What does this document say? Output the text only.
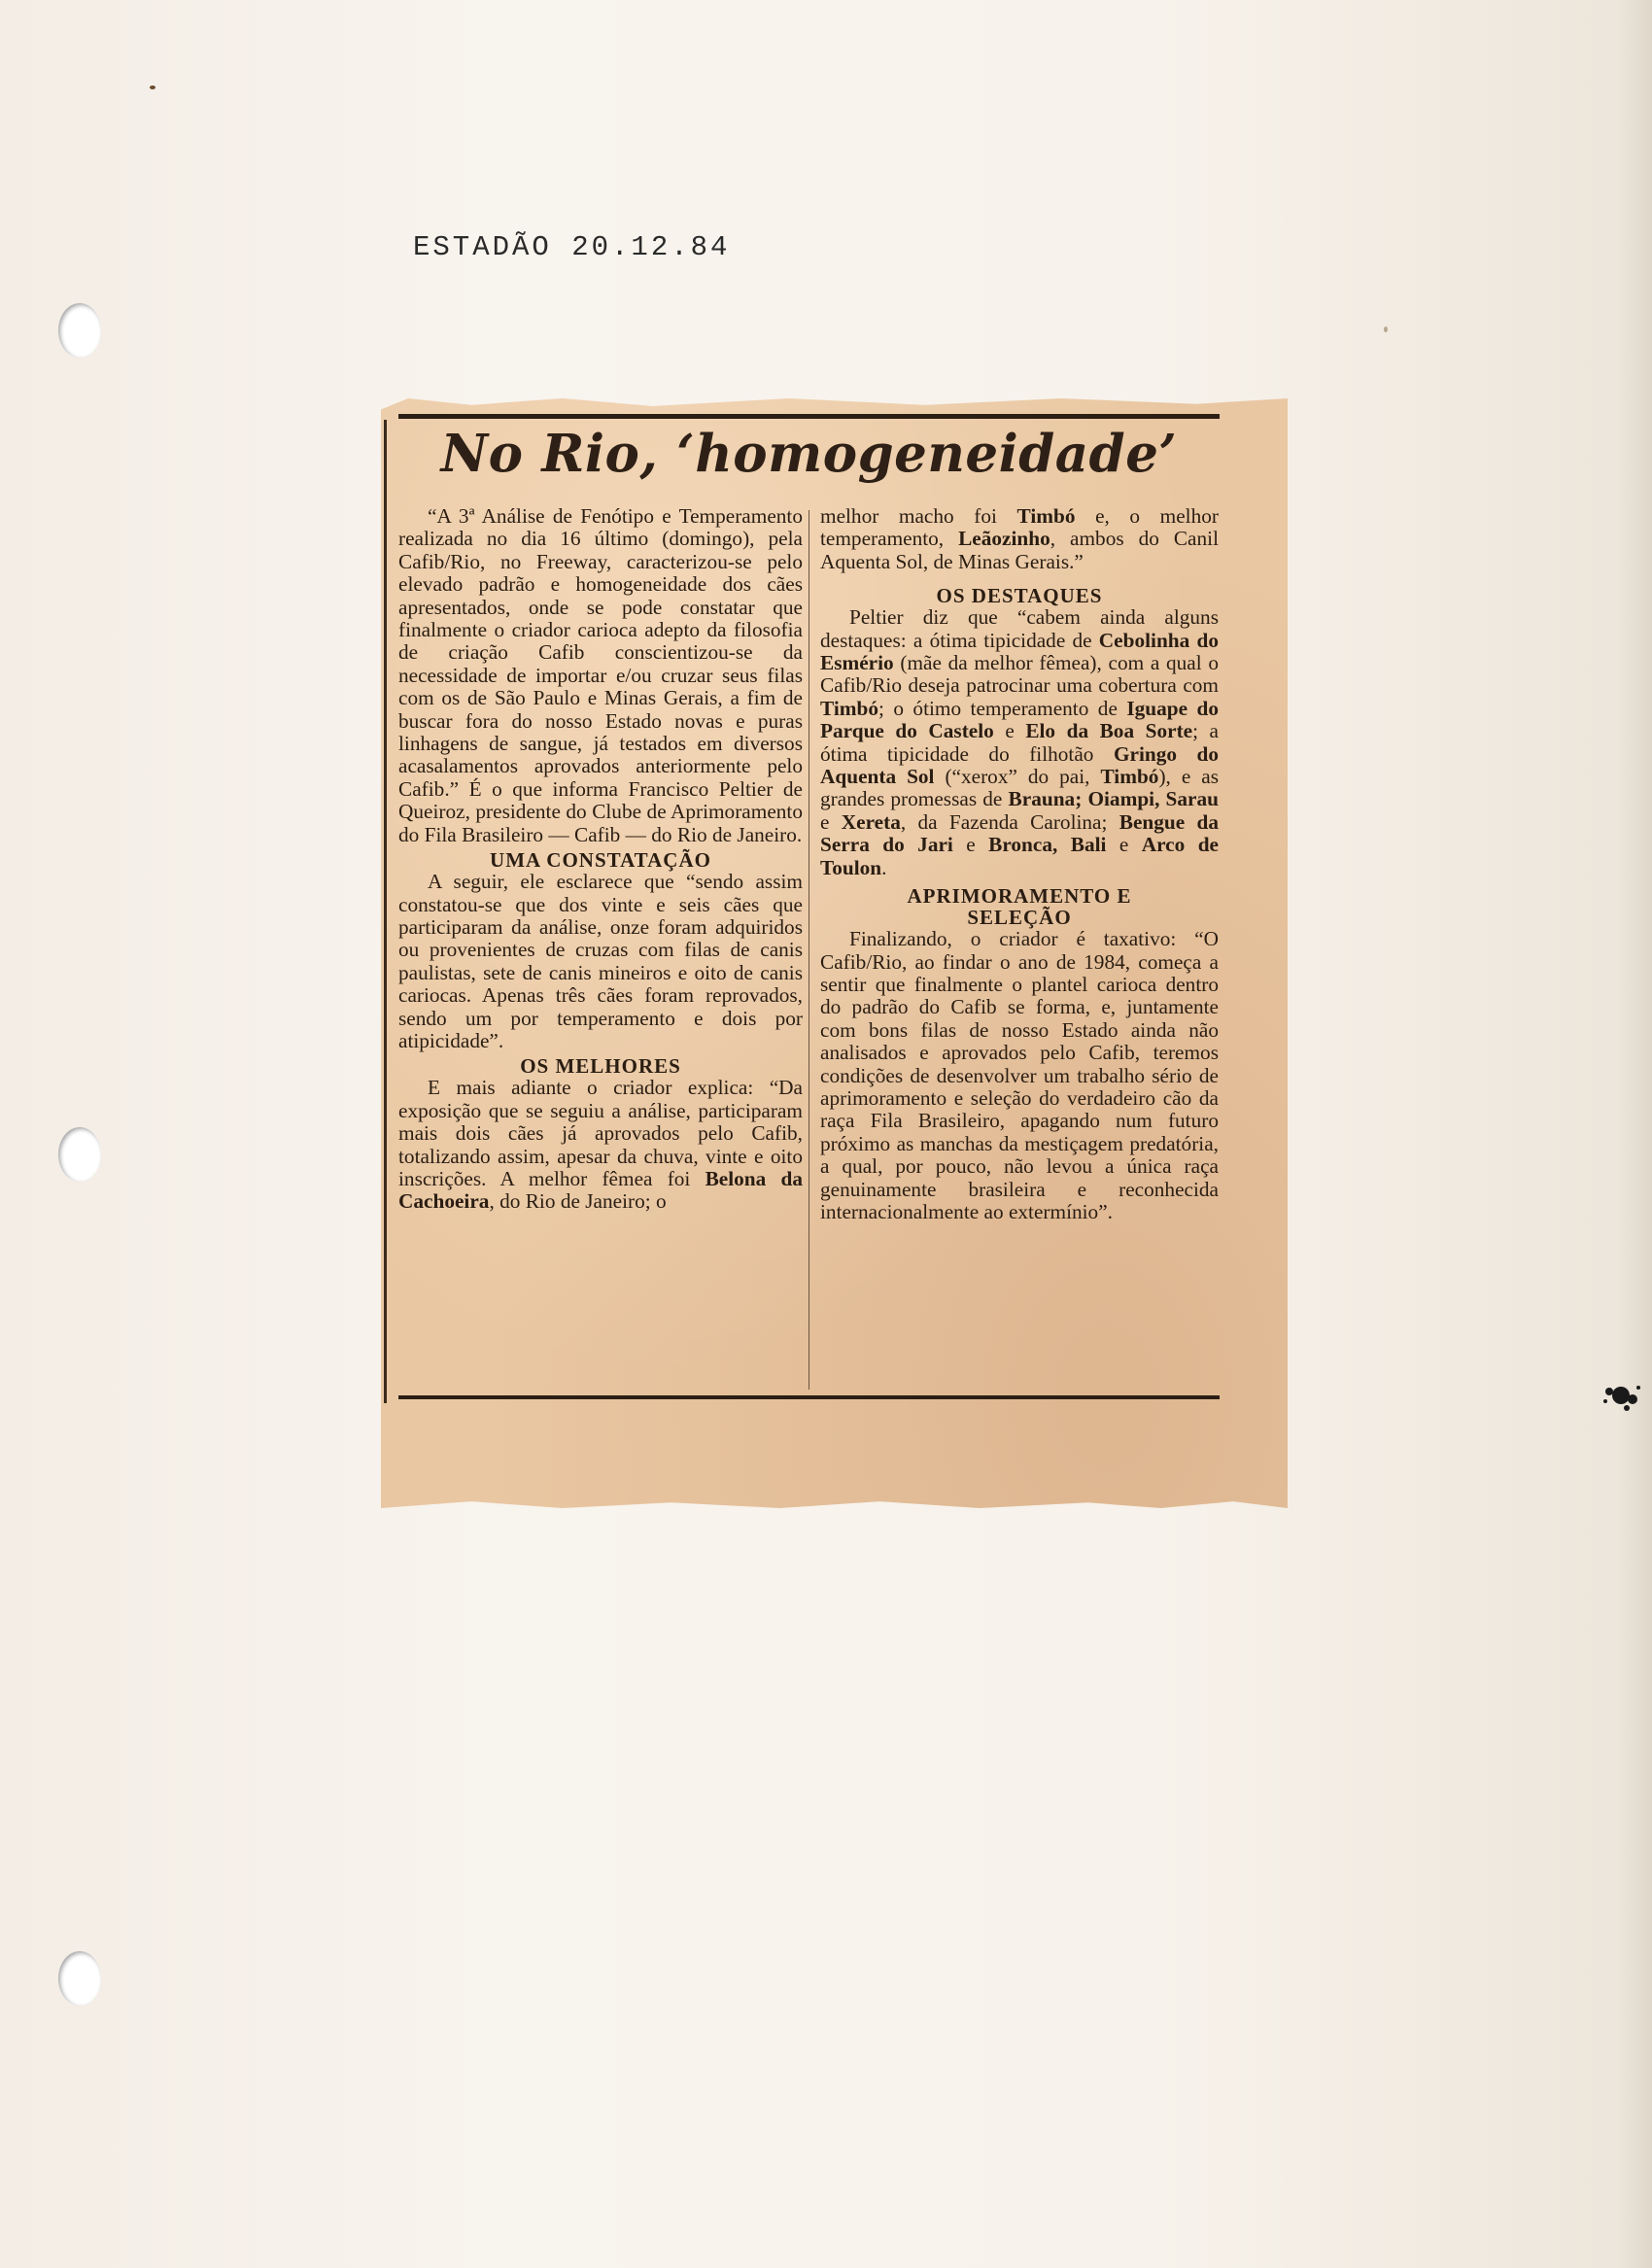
ESTADÃO 20.12.84
No Rio, ‘homogeneidade’

“A 3ª Análise de Fenótipo e Temperamento realizada no dia 16 último (domingo), pela Cafib/Rio, no Freeway, caracterizou-se pelo elevado padrão e homogeneidade dos cães apresentados, onde se pode constatar que finalmente o criador carioca adepto da filosofia de criação Cafib conscientizou-se da necessidade de importar e/ou cruzar seus filas com os de São Paulo e Minas Gerais, a fim de buscar fora do nosso Estado novas e puras linhagens de sangue, já testados em diversos acasalamentos aprovados anteriormente pelo Cafib.” É o que informa Francisco Peltier de Queiroz, presidente do Clube de Aprimoramento do Fila Brasileiro — Cafib — do Rio de Janeiro.

UMA CONSTATAÇÃO

A seguir, ele esclarece que “sendo assim constatou-se que dos vinte e seis cães que participaram da análise, onze foram adquiridos ou provenientes de cruzas com filas de canis paulistas, sete de canis mineiros e oito de canis cariocas. Apenas três cães foram reprovados, sendo um por temperamento e dois por atipicidade”.

OS MELHORES

E mais adiante o criador explica: “Da exposição que se seguiu a análise, participaram mais dois cães já aprovados pelo Cafib, totalizando assim, apesar da chuva, vinte e oito inscrições. A melhor fêmea foi Belona da Cachoeira, do Rio de Janeiro; o

melhor macho foi Timbó e, o melhor temperamento, Leãozinho, ambos do Canil Aquenta Sol, de Minas Gerais.”

OS DESTAQUES

Peltier diz que “cabem ainda alguns destaques: a ótima tipicidade de Cebolinha do Esmério (mãe da melhor fêmea), com a qual o Cafib/Rio deseja patrocinar uma cobertura com Timbó; o ótimo temperamento de Iguape do Parque do Castelo e Elo da Boa Sorte; a ótima tipicidade do filhotão Gringo do Aquenta Sol (“xerox” do pai, Timbó), e as grandes promessas de Brauna; Oiampi, Sarau e Xereta, da Fazenda Carolina; Bengue da Serra do Jari e Bronca, Bali e Arco de Toulon.

APRIMORAMENTO E
SELEÇÃO

Finalizando, o criador é taxativo: “O Cafib/Rio, ao findar o ano de 1984, começa a sentir que finalmente o plantel carioca dentro do padrão do Cafib se forma, e, juntamente com bons filas de nosso Estado ainda não analisados e aprovados pelo Cafib, teremos condições de desenvolver um trabalho sério de aprimoramento e seleção do verdadeiro cão da raça Fila Brasileiro, apagando num futuro próximo as manchas da mestiçagem predatória, a qual, por pouco, não levou a única raça genuinamente brasileira e reconhecida internacionalmente ao extermínio”.
